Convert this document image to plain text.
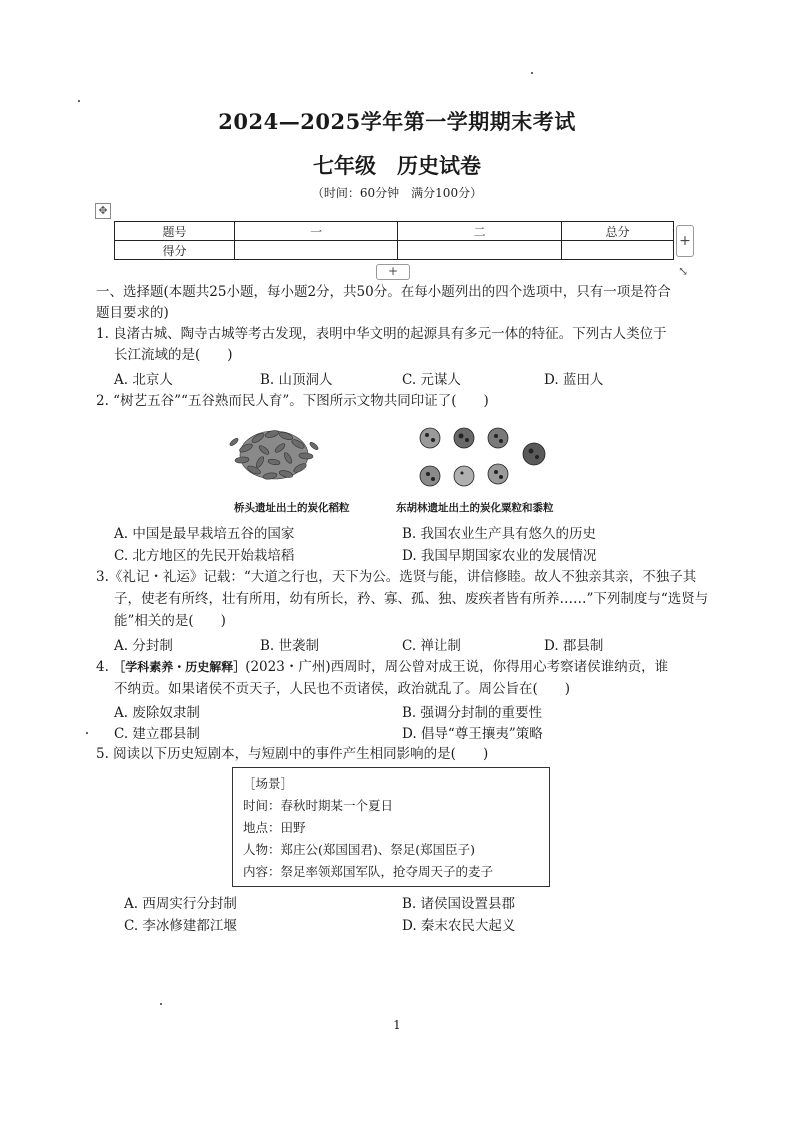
2024—2025学年第一学期期末考试
七年级　历史试卷
（时间：60分钟　满分100分）
✥
题号	一	二	总分
得分			
+
+	⤡
一、选择题(本题共25小题，每小题2分，共50分。在每小题列出的四个选项中，只有一项是符合
题目要求的)
1. 良渚古城、陶寺古城等考古发现，表明中华文明的起源具有多元一体的特征。下列古人类位于
长江流域的是(　　)
A. 北京人	B. 山顶洞人	C. 元谋人	D. 蓝田人
2. “树艺五谷”“五谷熟而民人育”。下图所示文物共同印证了(　　)
桥头遗址出土的炭化稻粒	东胡林遗址出土的炭化粟粒和黍粒
A. 中国是最早栽培五谷的国家	B. 我国农业生产具有悠久的历史
C. 北方地区的先民开始栽培稻	D. 我国早期国家农业的发展情况
3.《礼记・礼运》记载：“大道之行也，天下为公。选贤与能，讲信修睦。故人不独亲其亲，不独子其
子，使老有所终，壮有所用，幼有所长，矜、寡、孤、独、废疾者皆有所养……”下列制度与“选贤与
能”相关的是(　　)
A. 分封制	B. 世袭制	C. 禅让制	D. 郡县制
4. ［学科素养・历史解释］(2023・广州)西周时，周公曾对成王说，你得用心考察诸侯谁纳贡，谁
不纳贡。如果诸侯不贡天子，人民也不贡诸侯，政治就乱了。周公旨在(　　)
A. 废除奴隶制	B. 强调分封制的重要性
C. 建立郡县制	D. 倡导“尊王攘夷”策略
5. 阅读以下历史短剧本，与短剧中的事件产生相同影响的是(　　)
［场景］
时间：春秋时期某一个夏日
地点：田野
人物：郑庄公(郑国国君)、祭足(郑国臣子)
内容：祭足率领郑国军队，抢夺周天子的麦子
A. 西周实行分封制	B. 诸侯国设置县郡
C. 李冰修建都江堰	D. 秦末农民大起义
1
